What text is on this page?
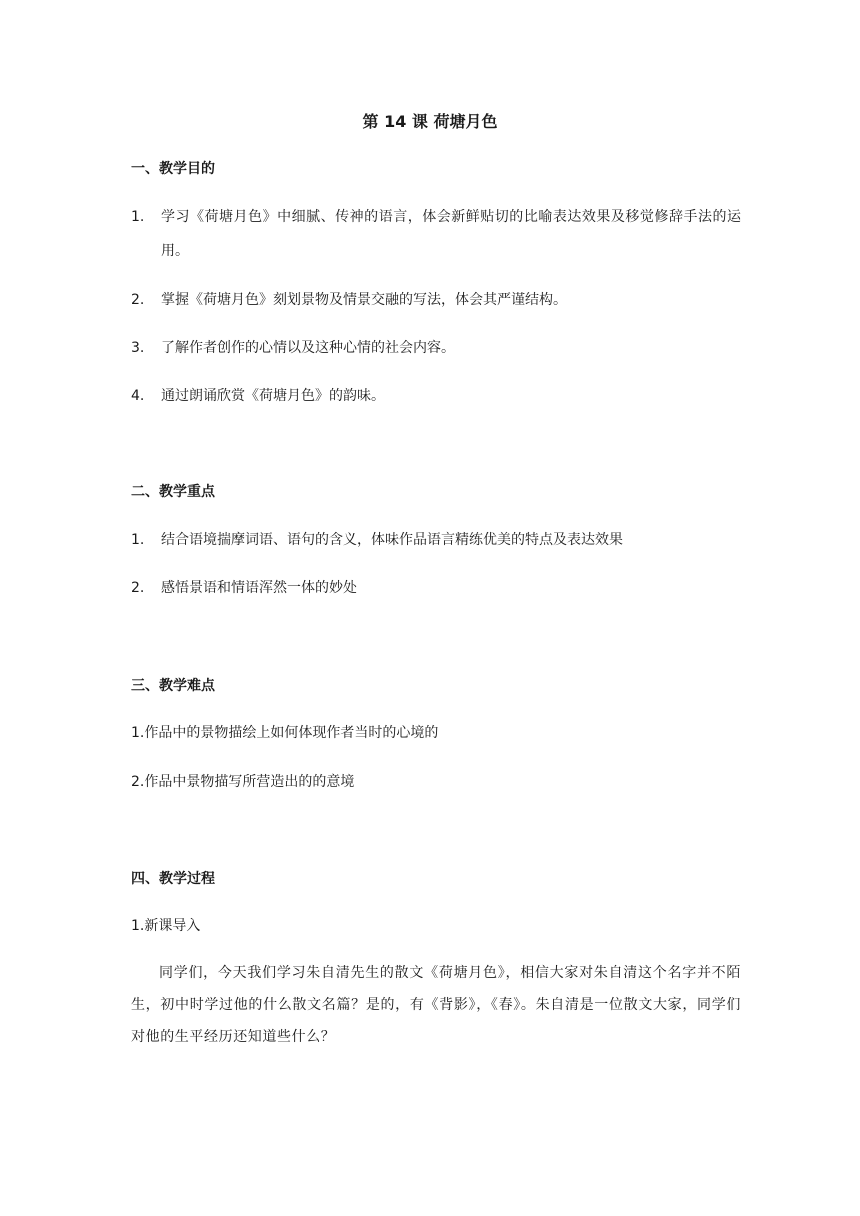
第 14 课 荷塘月色
一、教学目的
1. 学习《荷塘月色》中细腻、传神的语言，体会新鲜贴切的比喻表达效果及移觉修辞手法的运用。
2. 掌握《荷塘月色》刻划景物及情景交融的写法，体会其严谨结构。
3. 了解作者创作的心情以及这种心情的社会内容。
4. 通过朗诵欣赏《荷塘月色》的韵味。
二、教学重点
1. 结合语境揣摩词语、语句的含义，体味作品语言精练优美的特点及表达效果
2. 感悟景语和情语浑然一体的妙处
三、教学难点
1.作品中的景物描绘上如何体现作者当时的心境的
2.作品中景物描写所营造出的的意境
四、教学过程
1.新课导入
同学们，今天我们学习朱自清先生的散文《荷塘月色》，相信大家对朱自清这个名字并不陌生，初中时学过他的什么散文名篇？是的，有《背影》，《春》。朱自清是一位散文大家，同学们对他的生平经历还知道些什么？
